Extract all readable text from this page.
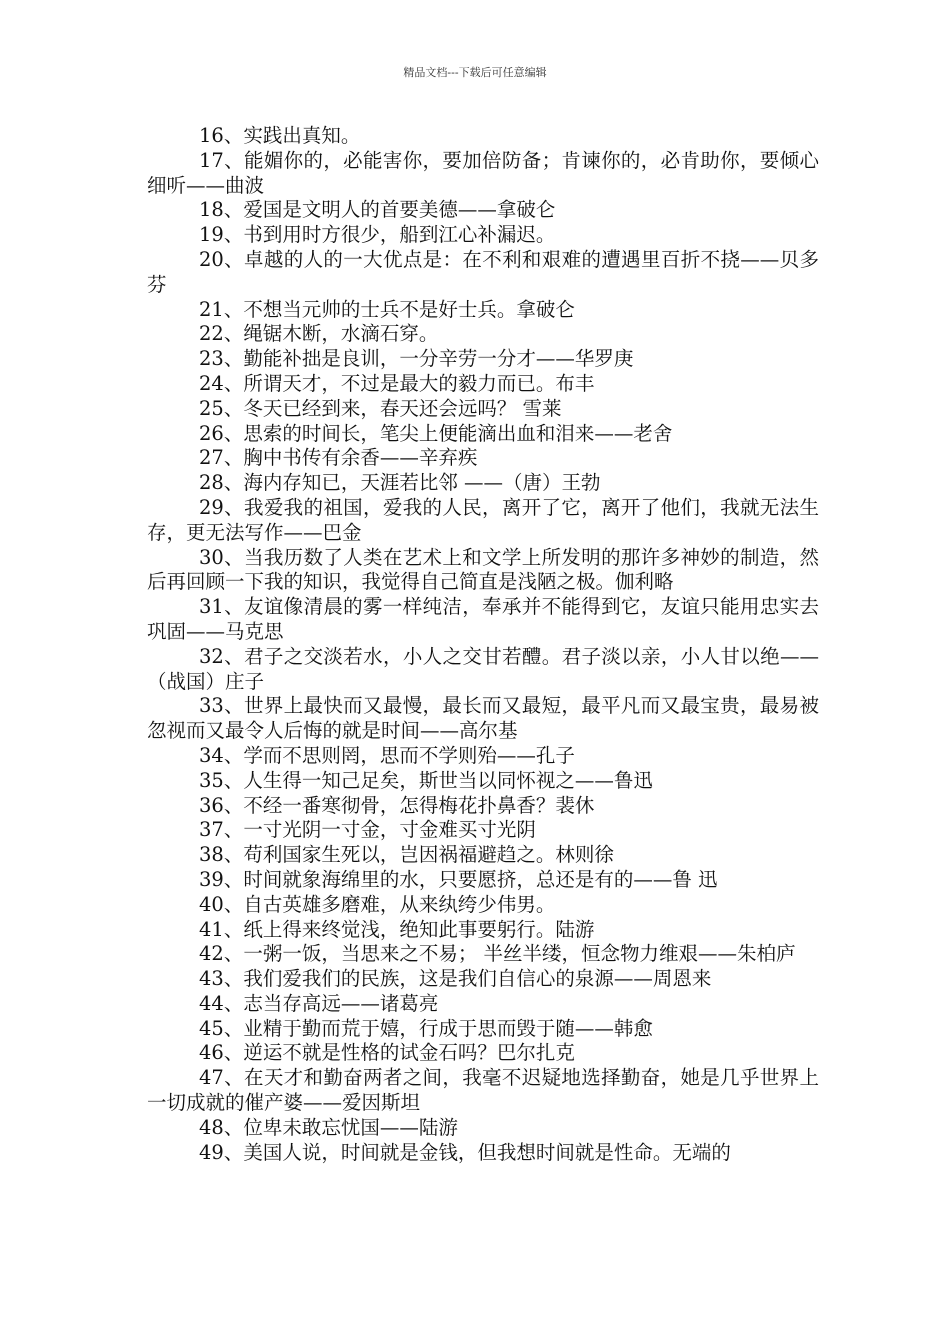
精品文档---下载后可任意编辑

16、实践出真知。

17、能媚你的，必能害你，要加倍防备；肯谏你的，必肯助你，要倾心细听——曲波

18、爱国是文明人的首要美德——拿破仑

19、书到用时方很少，船到江心补漏迟。

20、卓越的人的一大优点是：在不利和艰难的遭遇里百折不挠——贝多芬

21、不想当元帅的士兵不是好士兵。拿破仑

22、绳锯木断，水滴石穿。

23、勤能补拙是良训，一分辛劳一分才——华罗庚

24、所谓天才，不过是最大的毅力而已。布丰

25、冬天已经到来，春天还会远吗？ 雪莱

26、思索的时间长，笔尖上便能滴出血和泪来——老舍

27、胸中书传有余香——辛弃疾

28、海内存知已，天涯若比邻 ——（唐）王勃

29、我爱我的祖国，爱我的人民，离开了它，离开了他们，我就无法生存，更无法写作——巴金

30、当我历数了人类在艺术上和文学上所发明的那许多神妙的制造，然后再回顾一下我的知识，我觉得自己简直是浅陋之极。伽利略

31、友谊像清晨的雾一样纯洁，奉承并不能得到它，友谊只能用忠实去巩固——马克思

32、君子之交淡若水，小人之交甘若醴。君子淡以亲，小人甘以绝——（战国）庄子

33、世界上最快而又最慢，最长而又最短，最平凡而又最宝贵，最易被忽视而又最令人后悔的就是时间——高尔基

34、学而不思则罔，思而不学则殆——孔子

35、人生得一知己足矣，斯世当以同怀视之——鲁迅

36、不经一番寒彻骨，怎得梅花扑鼻香？裴休

37、一寸光阴一寸金，寸金难买寸光阴

38、苟利国家生死以，岂因祸福避趋之。林则徐

39、时间就象海绵里的水，只要愿挤，总还是有的——鲁 迅

40、自古英雄多磨难，从来纨绔少伟男。

41、纸上得来终觉浅，绝知此事要躬行。陆游

42、一粥一饭，当思来之不易； 半丝半缕，恒念物力维艰——朱柏庐

43、我们爱我们的民族，这是我们自信心的泉源——周恩来

44、志当存高远——诸葛亮

45、业精于勤而荒于嬉，行成于思而毁于随——韩愈

46、逆运不就是性格的试金石吗？巴尔扎克

47、在天才和勤奋两者之间，我毫不迟疑地选择勤奋，她是几乎世界上一切成就的催产婆——爱因斯坦

48、位卑未敢忘忧国——陆游

49、美国人说，时间就是金钱，但我想时间就是性命。无端的
